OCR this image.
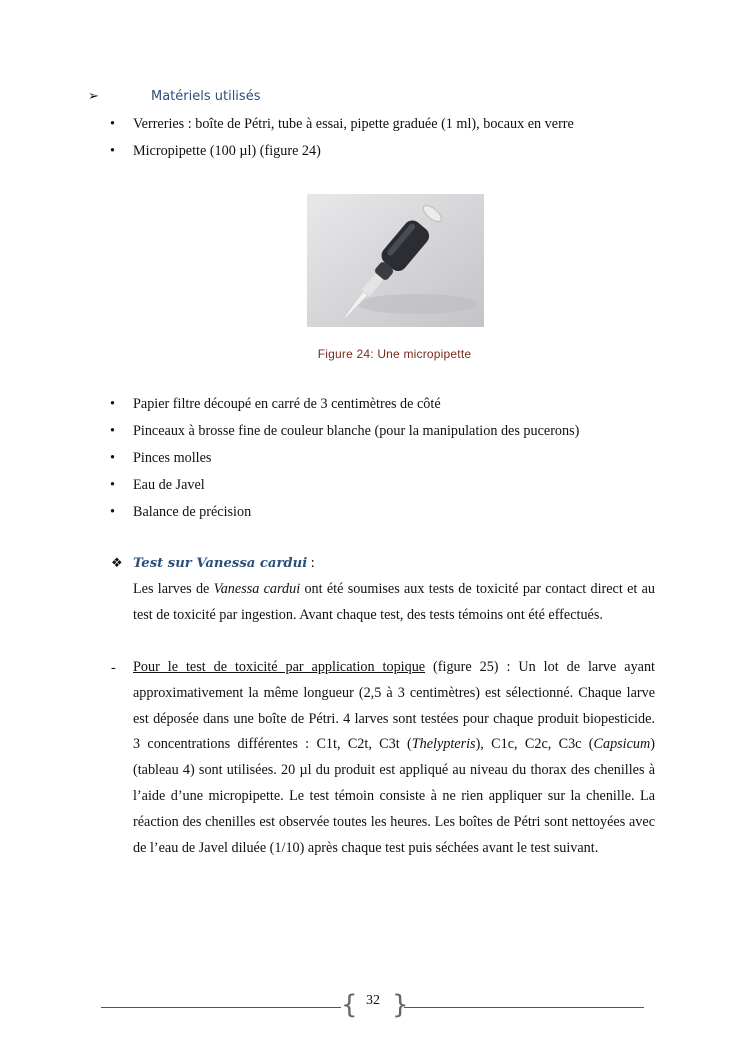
➢	Matériels utilisés
• Verreries : boîte de Pétri, tube à essai, pipette graduée (1 ml), bocaux en verre
• Micropipette (100 µl) (figure 24)
Figure 24: Une micropipette
• Papier filtre découpé en carré de 3 centimètres de côté
• Pinceaux à brosse fine de couleur blanche (pour la manipulation des pucerons)
• Pinces molles
• Eau de Javel
• Balance de précision
❖ Test sur Vanessa cardui :
Les larves de Vanessa cardui ont été soumises aux tests de toxicité par contact direct et au test de toxicité par ingestion. Avant chaque test, des tests témoins ont été effectués.
- Pour le test de toxicité par application topique (figure 25) : Un lot de larve ayant approximativement la même longueur (2,5 à 3 centimètres) est sélectionné. Chaque larve est déposée dans une boîte de Pétri. 4 larves sont testées pour chaque produit biopesticide. 3 concentrations différentes : C1t, C2t, C3t (Thelypteris), C1c, C2c, C3c (Capsicum) (tableau 4) sont utilisées. 20 µl du produit est appliqué au niveau du thorax des chenilles à l’aide d’une micropipette. Le test témoin consiste à ne rien appliquer sur la chenille. La réaction des chenilles est observée toutes les heures. Les boîtes de Pétri sont nettoyées avec de l’eau de Javel diluée (1/10) après chaque test puis séchées avant le test suivant.
{ }
32
